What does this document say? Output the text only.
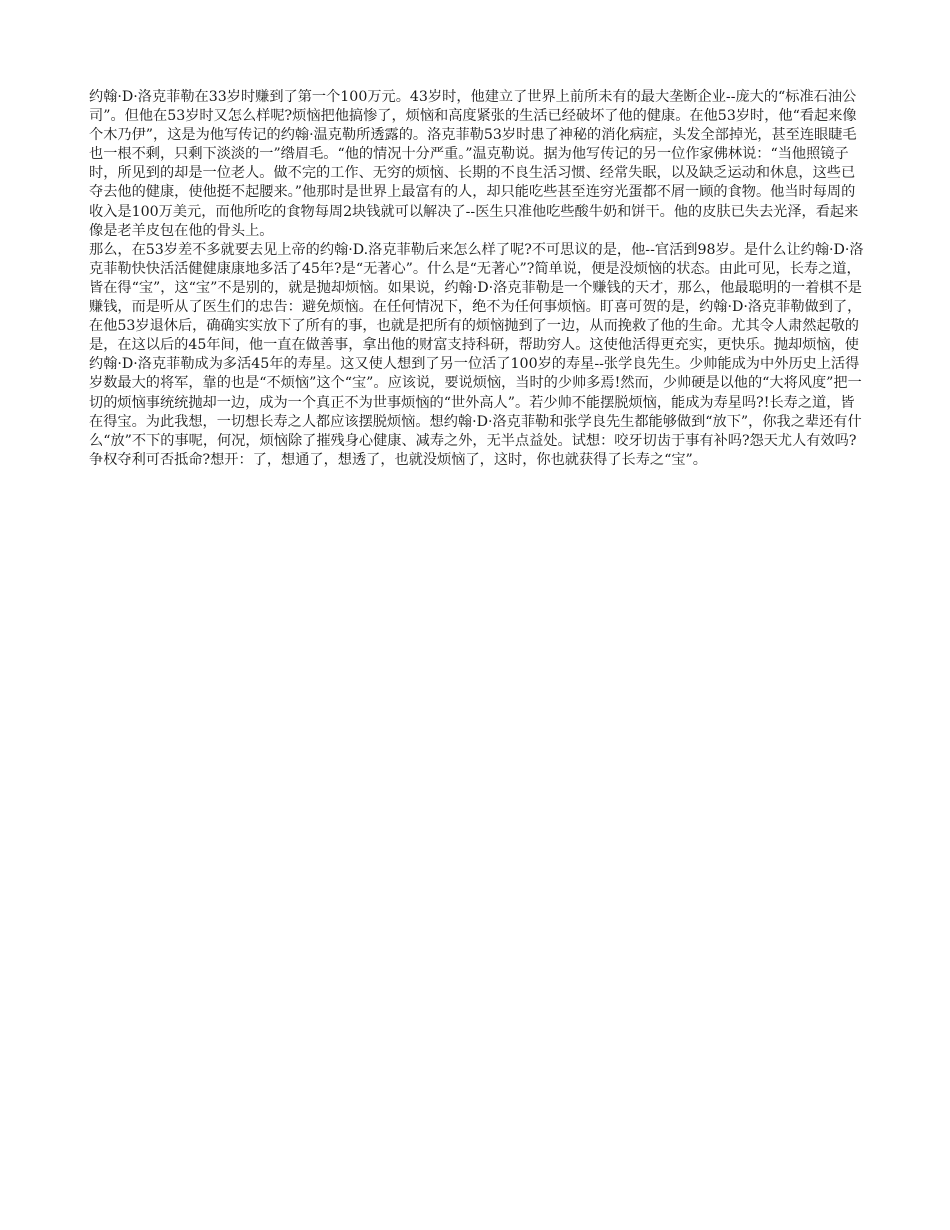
约翰·D·洛克菲勒在33岁时赚到了第一个100万元。43岁时，他建立了世界上前所未有的最大垄断企业--庞大的“标准石油公司”。但他在53岁时又怎么样呢?烦恼把他搞惨了，烦恼和高度紧张的生活已经破坏了他的健康。在他53岁时，他“看起来像个木乃伊”，这是为他写传记的约翰·温克勒所透露的。洛克菲勒53岁时患了神秘的消化病症，头发全部掉光，甚至连眼睫毛也一根不剩，只剩下淡淡的一”绺眉毛。“他的情况十分严重。”温克勒说。据为他写传记的另一位作家佛林说：“当他照镜子时，所见到的却是一位老人。做不完的工作、无穷的烦恼、长期的不良生活习惯、经常失眠，以及缺乏运动和休息，这些已夺去他的健康，使他挺不起腰来。”他那时是世界上最富有的人，却只能吃些甚至连穷光蛋都不屑一顾的食物。他当时每周的收入是100万美元，而他所吃的食物每周2块钱就可以解决了--医生只准他吃些酸牛奶和饼干。他的皮肤已失去光泽，看起来像是老羊皮包在他的骨头上。

那么，在53岁差不多就要去见上帝的约翰·D.洛克菲勒后来怎么样了呢?不可思议的是，他--官活到98岁。是什么让约翰·D·洛克菲勒快快活活健健康康地多活了45年?是“无著心”。什么是“无著心”?简单说，便是没烦恼的状态。由此可见，长寿之道，皆在得“宝”，这“宝”不是别的，就是抛却烦恼。如果说，约翰·D·洛克菲勒是一个赚钱的天才，那么，他最聪明的一着棋不是赚钱，而是听从了医生们的忠告：避免烦恼。在任何情况下，绝不为任何事烦恼。盯喜可贺的是，约翰·D·洛克菲勒做到了，在他53岁退休后，确确实实放下了所有的事，也就是把所有的烦恼抛到了一边，从而挽救了他的生命。尤其令人肃然起敬的是，在这以后的45年间，他一直在做善事，拿出他的财富支持科研，帮助穷人。这使他活得更充实，更快乐。抛却烦恼，使约翰·D·洛克菲勒成为多活45年的寿星。这又使人想到了另一位活了100岁的寿星--张学良先生。少帅能成为中外历史上活得岁数最大的将军，靠的也是“不烦恼”这个“宝”。应该说，要说烦恼，当时的少帅多焉!然而，少帅硬是以他的“大将风度”把一切的烦恼事统统抛却一边，成为一个真正不为世事烦恼的“世外高人”。若少帅不能摆脱烦恼，能成为寿星吗?!长寿之道，皆在得宝。为此我想，一切想长寿之人都应该摆脱烦恼。想约翰·D·洛克菲勒和张学良先生都能够做到“放下”，你我之辈还有什么“放”不下的事呢，何况，烦恼除了摧残身心健康、减寿之外，无半点益处。试想：咬牙切齿于事有补吗?怨天尤人有效吗?争权夺利可否抵命?想开：了，想通了，想透了，也就没烦恼了，这时，你也就获得了长寿之“宝”。
